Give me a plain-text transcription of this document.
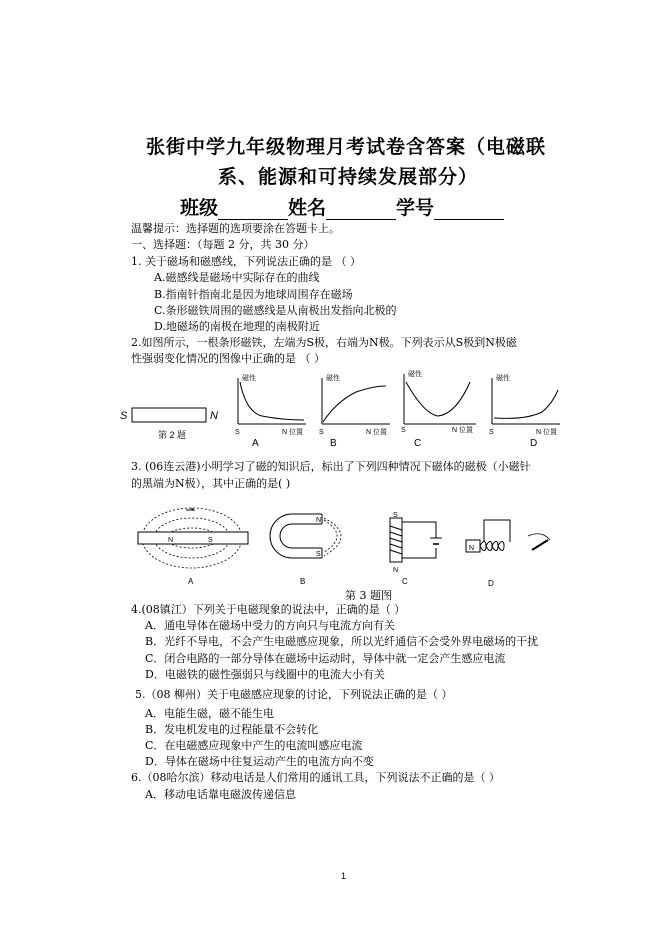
张街中学九年级物理月考试卷含答案（电磁联
系、能源和可持续发展部分）
班级	姓名	学号
温馨提示：选择题的选项要涂在答题卡上。
一、选择题：（每题 2 分，共 30 分）
1. 关于磁场和磁感线，下列说法正确的是 （ ）
A.磁感线是磁场中实际存在的曲线
B.指南针指南北是因为地球周围存在磁场
C.条形磁铁周围的磁感线是从南极出发指向北极的
D.地磁场的南极在地理的南极附近
2.如图所示，一根条形磁铁，左端为S极，右端为N极。下列表示从S极到N极磁
性强弱变化情况的图像中正确的是 （ ）
S	N
第 2 题
磁性
S	N 位置
A
磁性
S	N 位置
B
磁性
S	N 位置
C
磁性
S	N 位置
D
3. (06连云港)小明学习了磁的知识后，标出了下列四种情况下磁体的磁极（小磁针
的黑端为N极），其中正确的是( )
N	S
A
N
S
B
S
N
C
N
D
第 3 题图
4.(08镇江）下列关于电磁现象的说法中，正确的是（ ）
A．通电导体在磁场中受力的方向只与电流方向有关
B．光纤不导电，不会产生电磁感应现象，所以光纤通信不会受外界电磁场的干扰
C．闭合电路的一部分导体在磁场中运动时，导体中就一定会产生感应电流
D．电磁铁的磁性强弱只与线圈中的电流大小有关
5.（08 柳州）关于电磁感应现象的讨论，下列说法正确的是（ ）
A．电能生磁，磁不能生电
B．发电机发电的过程能量不会转化
C．在电磁感应现象中产生的电流叫感应电流
D．导体在磁场中往复运动产生的电流方向不变
6.（08哈尔滨）移动电话是人们常用的通讯工具，下列说法不正确的是（ ）
A．移动电话靠电磁波传递信息
1
